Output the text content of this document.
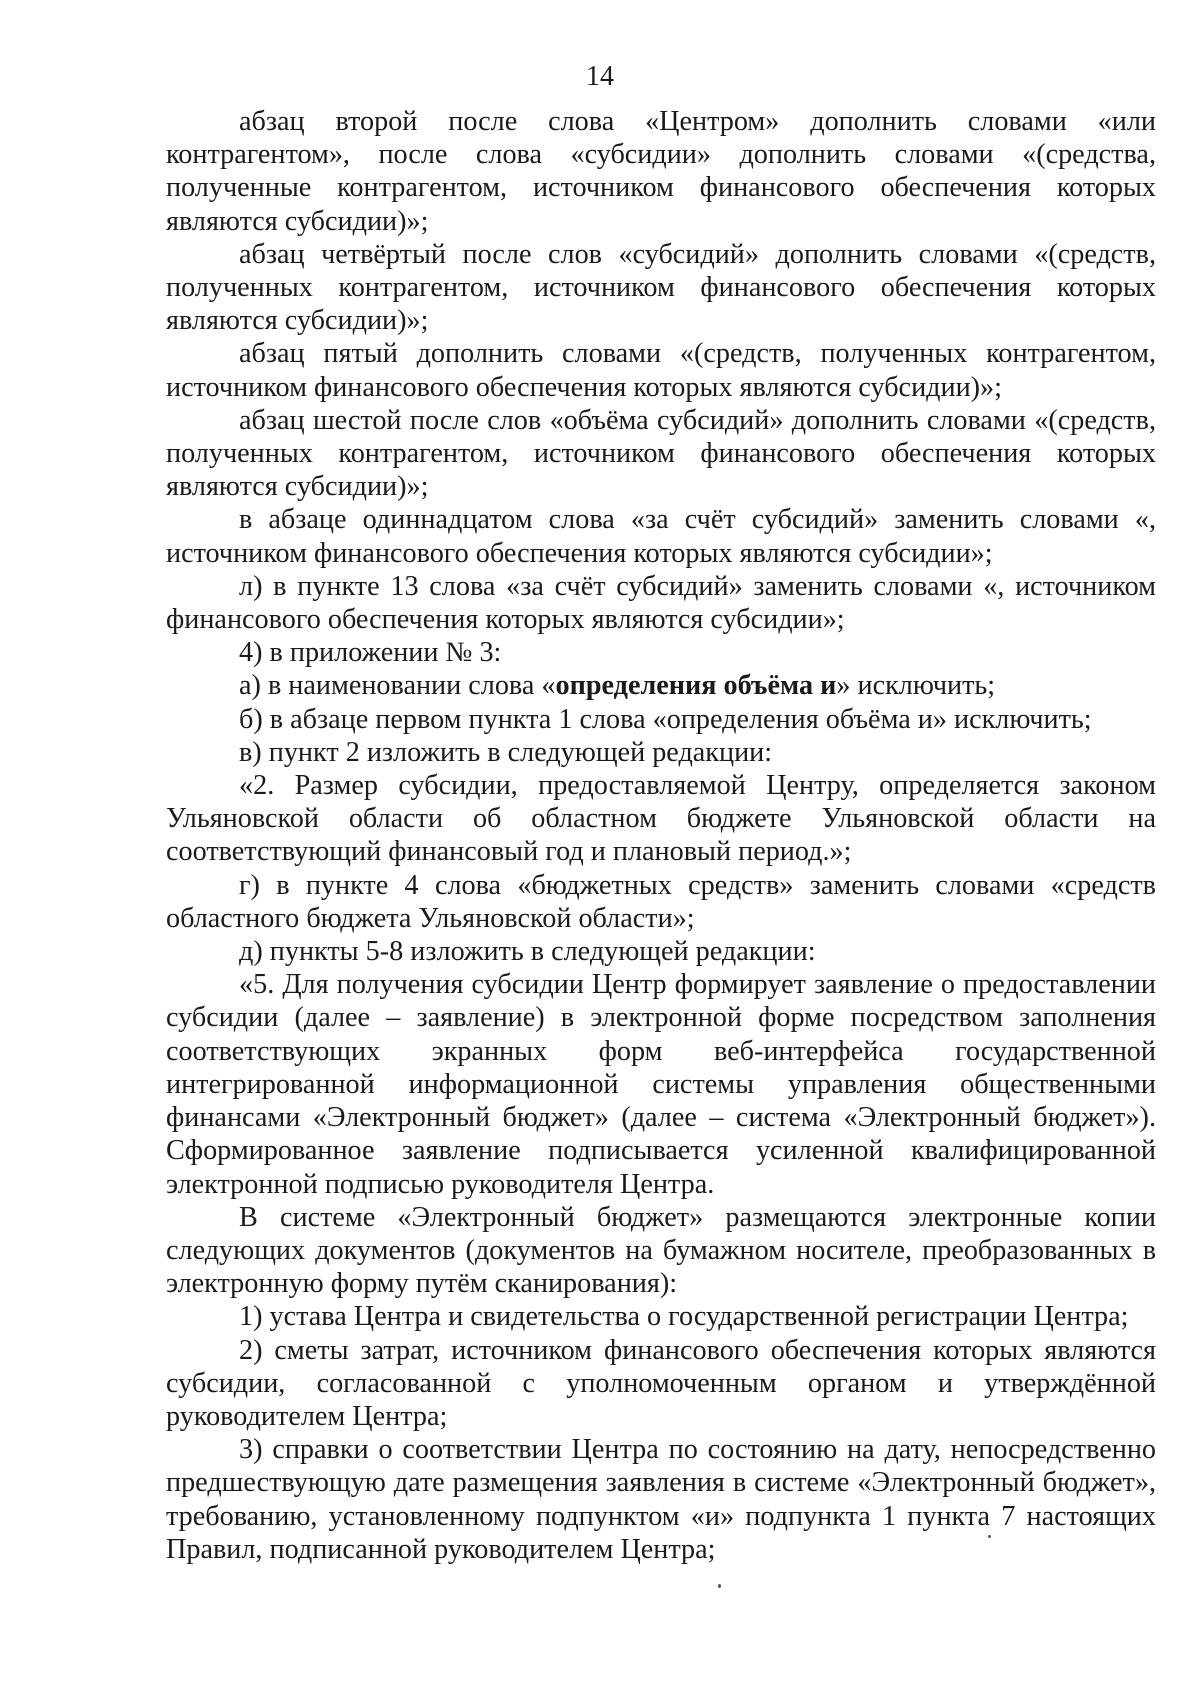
14

абзац второй после слова «Центром» дополнить словами «или контрагентом», после слова «субсидии» дополнить словами «(средства, полученные контрагентом, источником финансового обеспечения которых являются субсидии)»;

абзац четвёртый после слов «субсидий» дополнить словами «(средств, полученных контрагентом, источником финансового обеспечения которых являются субсидии)»;

абзац пятый дополнить словами «(средств, полученных контрагентом, источником финансового обеспечения которых являются субсидии)»;

абзац шестой после слов «объёма субсидий» дополнить словами «(средств, полученных контрагентом, источником финансового обеспечения которых являются субсидии)»;

в абзаце одиннадцатом слова «за счёт субсидий» заменить словами «, источником финансового обеспечения которых являются субсидии»;

л) в пункте 13 слова «за счёт субсидий» заменить словами «, источником финансового обеспечения которых являются субсидии»;

4) в приложении № 3:

а) в наименовании слова «определения объёма и» исключить;

б) в абзаце первом пункта 1 слова «определения объёма и» исключить;

в) пункт 2 изложить в следующей редакции:

«2. Размер субсидии, предоставляемой Центру, определяется законом Ульяновской области об областном бюджете Ульяновской области на соответствующий финансовый год и плановый период.»;

г) в пункте 4 слова «бюджетных средств» заменить словами «средств областного бюджета Ульяновской области»;

д) пункты 5-8 изложить в следующей редакции:

«5. Для получения субсидии Центр формирует заявление о предоставлении субсидии (далее – заявление) в электронной форме посредством заполнения соответствующих экранных форм веб-интерфейса государственной интегрированной информационной системы управления общественными финансами «Электронный бюджет» (далее – система «Электронный бюджет»). Сформированное заявление подписывается усиленной квалифицированной электронной подписью руководителя Центра.

В системе «Электронный бюджет» размещаются электронные копии следующих документов (документов на бумажном носителе, преобразованных в электронную форму путём сканирования):

1) устава Центра и свидетельства о государственной регистрации Центра;

2) сметы затрат, источником финансового обеспечения которых являются субсидии, согласованной с уполномоченным органом и утверждённой руководителем Центра;

3) справки о соответствии Центра по состоянию на дату, непосредственно предшествующую дате размещения заявления в системе «Электронный бюджет», требованию, установленному подпунктом «и» подпункта 1 пункта 7 настоящих Правил, подписанной руководителем Центра;
